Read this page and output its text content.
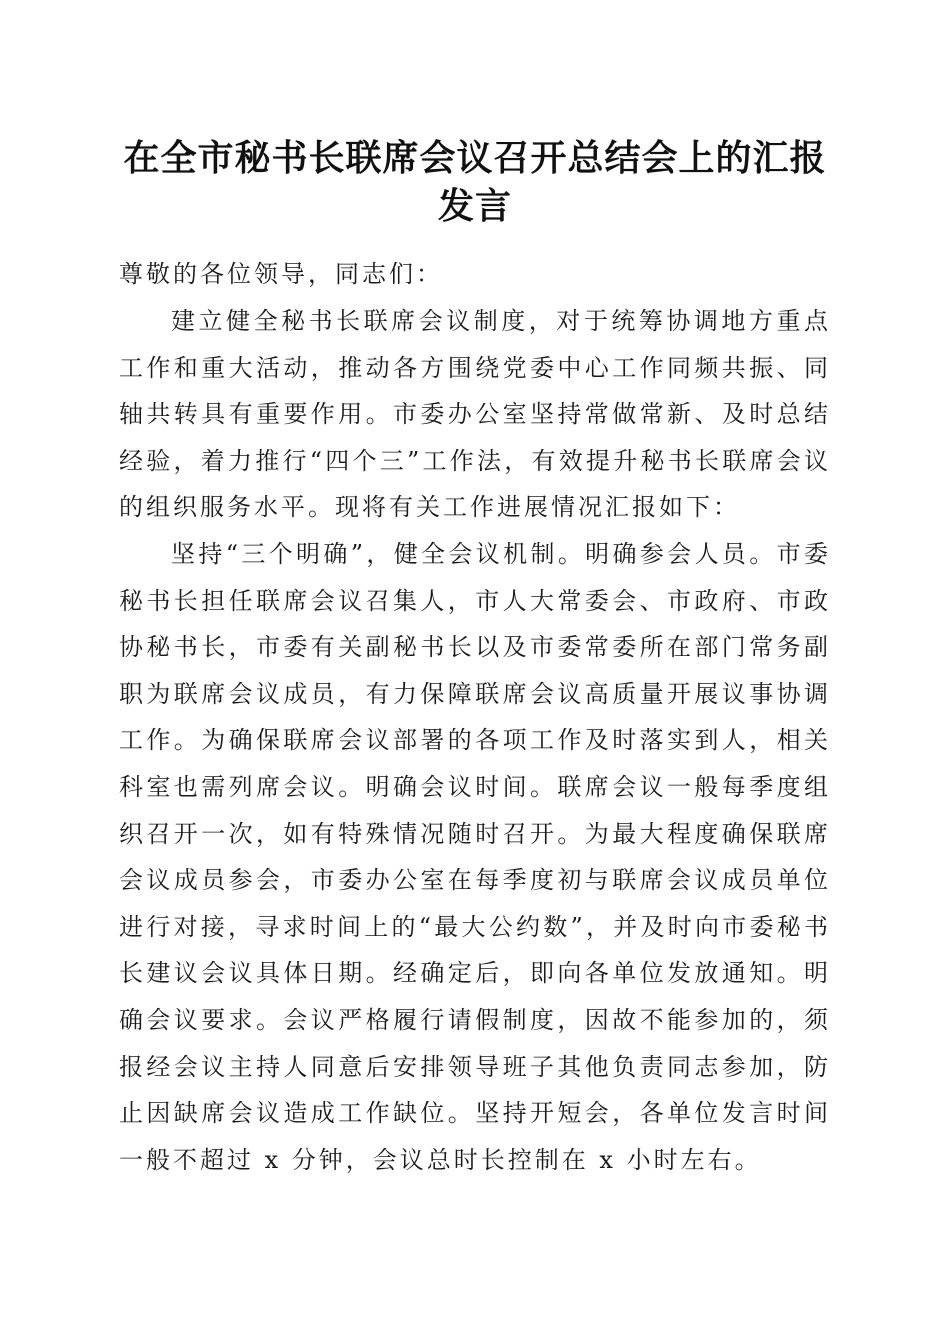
在全市秘书长联席会议召开总结会上的汇报发言

尊敬的各位领导，同志们：

建立健全秘书长联席会议制度，对于统筹协调地方重点工作和重大活动，推动各方围绕党委中心工作同频共振、同轴共转具有重要作用。市委办公室坚持常做常新、及时总结经验，着力推行“四个三”工作法，有效提升秘书长联席会议的组织服务水平。现将有关工作进展情况汇报如下：

坚持“三个明确”，健全会议机制。明确参会人员。市委秘书长担任联席会议召集人，市人大常委会、市政府、市政协秘书长，市委有关副秘书长以及市委常委所在部门常务副职为联席会议成员，有力保障联席会议高质量开展议事协调工作。为确保联席会议部署的各项工作及时落实到人，相关科室也需列席会议。明确会议时间。联席会议一般每季度组织召开一次，如有特殊情况随时召开。为最大程度确保联席会议成员参会，市委办公室在每季度初与联席会议成员单位进行对接，寻求时间上的“最大公约数”，并及时向市委秘书长建议会议具体日期。经确定后，即向各单位发放通知。明确会议要求。会议严格履行请假制度，因故不能参加的，须报经会议主持人同意后安排领导班子其他负责同志参加，防止因缺席会议造成工作缺位。坚持开短会，各单位发言时间一般不超过 x 分钟，会议总时长控制在 x 小时左右。
